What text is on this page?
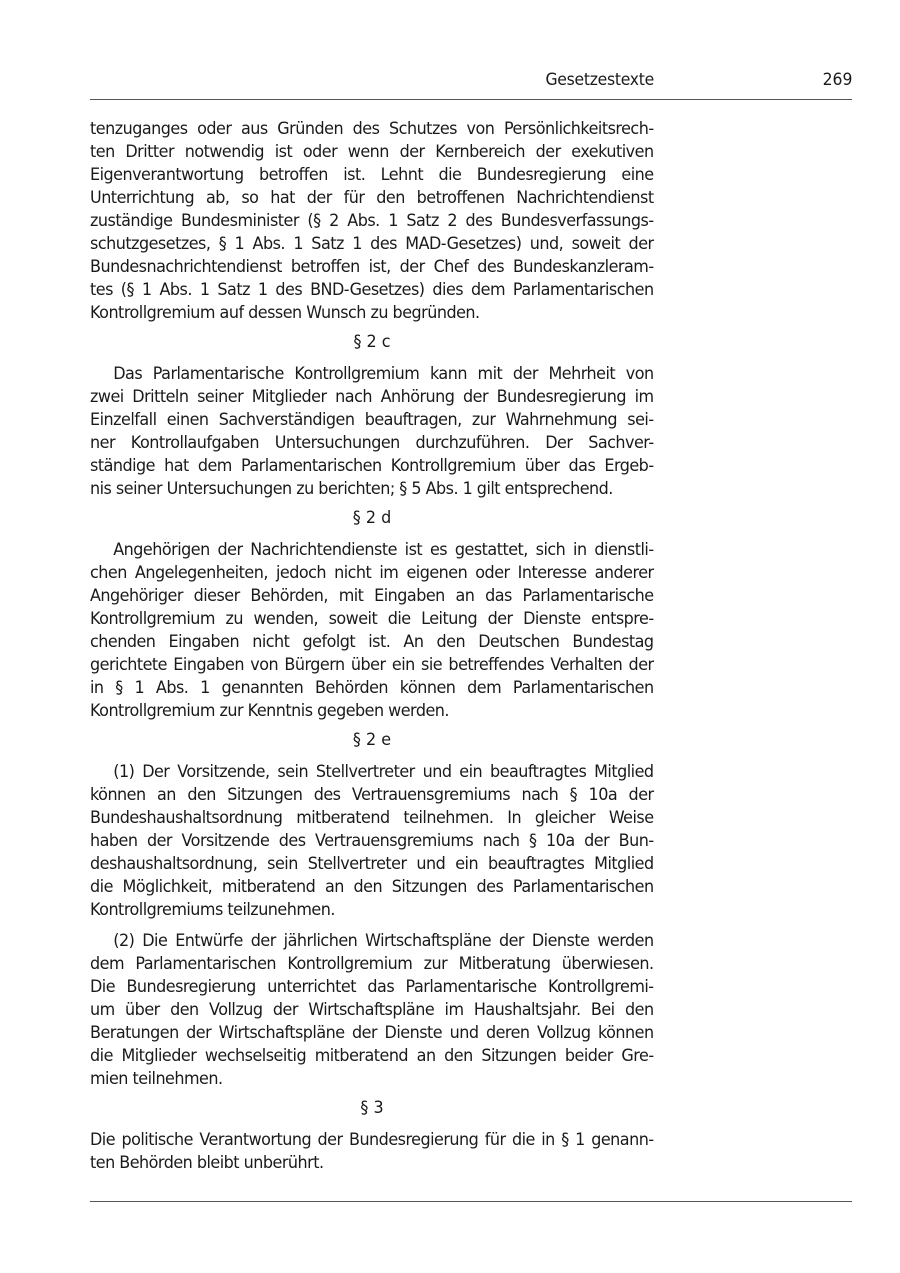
Gesetzestexte	269
tenzuganges oder aus Gründen des Schutzes von Persönlichkeitsrech-
ten Dritter notwendig ist oder wenn der Kernbereich der exekutiven
Eigenverantwortung betroffen ist. Lehnt die Bundesregierung eine
Unterrichtung ab, so hat der für den betroffenen Nachrichtendienst
zuständige Bundesminister (§ 2 Abs. 1 Satz 2 des Bundesverfassungs-
schutzgesetzes, § 1 Abs. 1 Satz 1 des MAD-Gesetzes) und, soweit der
Bundesnachrichtendienst betroffen ist, der Chef des Bundeskanzleram-
tes (§ 1 Abs. 1 Satz 1 des BND-Gesetzes) dies dem Parlamentarischen
Kontrollgremium auf dessen Wunsch zu begründen.
§ 2 c
Das Parlamentarische Kontrollgremium kann mit der Mehrheit von
zwei Dritteln seiner Mitglieder nach Anhörung der Bundesregierung im
Einzelfall einen Sachverständigen beauftragen, zur Wahrnehmung sei-
ner Kontrollaufgaben Untersuchungen durchzuführen. Der Sachver-
ständige hat dem Parlamentarischen Kontrollgremium über das Ergeb-
nis seiner Untersuchungen zu berichten; § 5 Abs. 1 gilt entsprechend.
§ 2 d
Angehörigen der Nachrichtendienste ist es gestattet, sich in dienstli-
chen Angelegenheiten, jedoch nicht im eigenen oder Interesse anderer
Angehöriger dieser Behörden, mit Eingaben an das Parlamentarische
Kontrollgremium zu wenden, soweit die Leitung der Dienste entspre-
chenden Eingaben nicht gefolgt ist. An den Deutschen Bundestag
gerichtete Eingaben von Bürgern über ein sie betreffendes Verhalten der
in § 1 Abs. 1 genannten Behörden können dem Parlamentarischen
Kontrollgremium zur Kenntnis gegeben werden.
§ 2 e
(1) Der Vorsitzende, sein Stellvertreter und ein beauftragtes Mitglied
können an den Sitzungen des Vertrauensgremiums nach § 10a der
Bundeshaushaltsordnung mitberatend teilnehmen. In gleicher Weise
haben der Vorsitzende des Vertrauensgremiums nach § 10a der Bun-
deshaushaltsordnung, sein Stellvertreter und ein beauftragtes Mitglied
die Möglichkeit, mitberatend an den Sitzungen des Parlamentarischen
Kontrollgremiums teilzunehmen.
(2) Die Entwürfe der jährlichen Wirtschaftspläne der Dienste werden
dem Parlamentarischen Kontrollgremium zur Mitberatung überwiesen.
Die Bundesregierung unterrichtet das Parlamentarische Kontrollgremi-
um über den Vollzug der Wirtschaftspläne im Haushaltsjahr. Bei den
Beratungen der Wirtschaftspläne der Dienste und deren Vollzug können
die Mitglieder wechselseitig mitberatend an den Sitzungen beider Gre-
mien teilnehmen.
§ 3
Die politische Verantwortung der Bundesregierung für die in § 1 genann-
ten Behörden bleibt unberührt.
